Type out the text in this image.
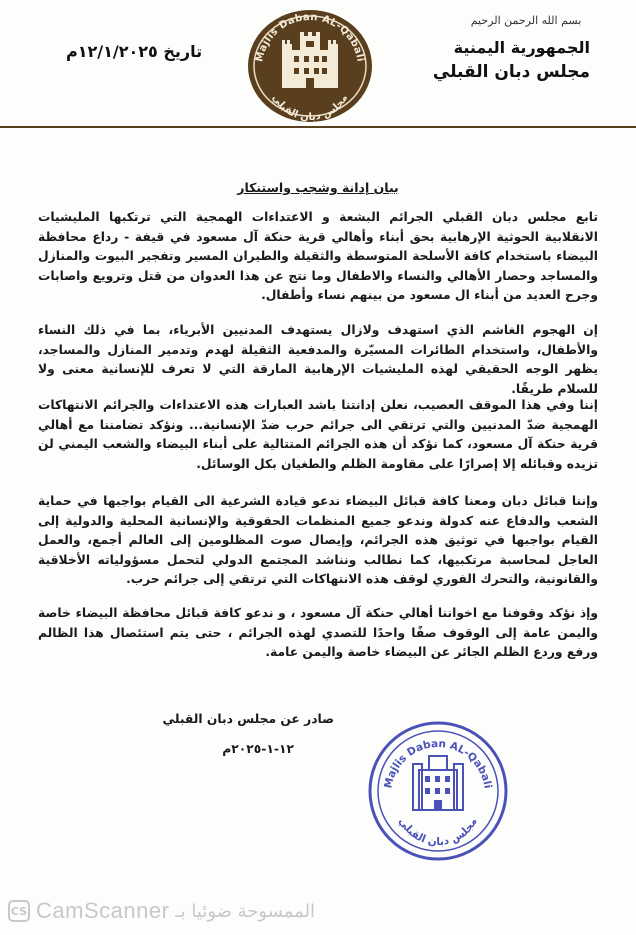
بسم الله الرحمن الرحيم
الجمهورية اليمنية
مجلس دبان القبلي
تاريخ ١٢/١/٢٠٢٥م	Majlis Daban AL-Qabali
مجلس دبان القبلي
بيان إدانة وشجب واستنكار
تابع مجلس دبان القبلي الجرائم البشعة و الاعتداءات الهمجية التي ترتكبها المليشيات الانقلابية الحوثية الإرهابية بحق أبناء وأهالي قرية حنكة آل مسعود في قيفة - رداع محافظة البيضاء باستخدام كافة الأسلحة المتوسطة والثقيلة والطيران المسير وتفجير البيوت والمنازل والمساجد وحصار الأهالي والنساء والاطفال وما نتج عن هذا العدوان من قتل وترويع واصابات وجرح العديد من أبناء ال مسعود من بينهم نساء وأطفال.
إن الهجوم الغاشم الذي استهدف ولازال يستهدف المدنيين الأبرياء، بما في ذلك النساء والأطفال، واستخدام الطائرات المسيّرة والمدفعية الثقيلة لهدم وتدمير المنازل والمساجد، يظهر الوجه الحقيقي لهذه المليشيات الإرهابية المارقة التي لا تعرف للإنسانية معنى ولا للسلام طريقًا.
إننا وفي هذا الموقف العصيب، نعلن إدانتنا باشد العبارات هذه الاعتداءات والجرائم الانتهاكات الهمجية ضدّ المدنيين والتي ترتقي الى جرائم حرب ضدّ الإنسانية... ونؤكد تضامننا مع أهالي قرية حنكة آل مسعود، كما نؤكد أن هذه الجرائم المتتالية على أبناء البيضاء والشعب اليمني لن تزيده وقبائله إلا إصرارًا على مقاومة الظلم والطغيان بكل الوسائل.
وإننا قبائل دبان ومعنا كافة قبائل البيضاء ندعو قيادة الشرعية الى القيام بواجبها في حماية الشعب والدفاع عنه كدولة وندعو جميع المنظمات الحقوقية والإنسانية المحلية والدولية إلى القيام بواجبها في توثيق هذه الجرائم، وإيصال صوت المظلومين إلى العالم أجمع، والعمل العاجل لمحاسبة مرتكبيها، كما نطالب ونناشد المجتمع الدولي لتحمل مسؤولياته الأخلاقية والقانونية، والتحرك الفوري لوقف هذه الانتهاكات التي ترتقي إلى جرائم حرب.
وإذ نؤكد وقوفنا مع اخواننا أهالي حنكة آل مسعود ، و ندعو كافة قبائل محافظة البيضاء خاصة واليمن عامة إلى الوقوف صفًا واحدًا للتصدي لهذه الجرائم ، حتى يتم استئصال هذا الظالم ورفع وردع الظلم الجائر عن البيضاء خاصة واليمن عامة.
صادر عن مجلس دبان القبلي
١٢-١-٢٠٢٥م
Majlis Daban AL-Qabali
مجلس دبان القبلي
CS CamScanner الممسوحة ضوئيا بـ
